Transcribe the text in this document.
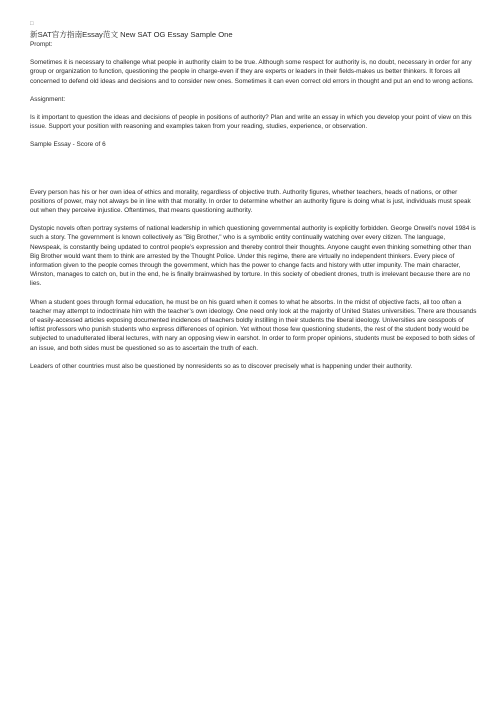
□

新SAT官方指南Essay范文 New SAT OG Essay Sample One

Prompt:

Sometimes it is necessary to challenge what people in authority claim to be true. Although some respect for authority is, no doubt, necessary in order for any group or organization to function, questioning the people in charge-even if they are experts or leaders in their fields-makes us better thinkers. It forces all concerned to defend old ideas and decisions and to consider new ones. Sometimes it can even correct old errors in thought and put an end to wrong actions.

Assignment:

Is it important to question the ideas and decisions of people in positions of authority? Plan and write an essay in which you develop your point of view on this issue. Support your position with reasoning and examples taken from your reading, studies, experience, or observation.

Sample Essay - Score of 6

Every person has his or her own idea of ethics and morality, regardless of objective truth. Authority figures, whether teachers, heads of nations, or other positions of power, may not always be in line with that morality. In order to determine whether an authority figure is doing what is just, individuals must speak out when they perceive injustice. Oftentimes, that means questioning authority.

Dystopic novels often portray systems of national leadership in which questioning governmental authority is explicitly forbidden. George Orwell’s novel 1984 is such a story. The government is known collectively as "Big Brother," who is a symbolic entity continually watching over every citizen. The language, Newspeak, is constantly being updated to control people’s expression and thereby control their thoughts. Anyone caught even thinking something other than Big Brother would want them to think are arrested by the Thought Police. Under this regime, there are virtually no independent thinkers. Every piece of information given to the people comes through the government, which has the power to change facts and history with utter impunity. The main character, Winston, manages to catch on, but in the end, he is finally brainwashed by torture. In this society of obedient drones, truth is irrelevant because there are no lies.

When a student goes through formal education, he must be on his guard when it comes to what he absorbs. In the midst of objective facts, all too often a teacher may attempt to indoctrinate him with the teacher’s own ideology. One need only look at the majority of United States universities. There are thousands of easily-accessed articles exposing documented incidences of teachers boldly instilling in their students the liberal ideology. Universities are cesspools of leftist professors who punish students who express differences of opinion. Yet without those few questioning students, the rest of the student body would be subjected to unadulterated liberal lectures, with nary an opposing view in earshot. In order to form proper opinions, students must be exposed to both sides of an issue, and both sides must be questioned so as to ascertain the truth of each.

Leaders of other countries must also be questioned by nonresidents so as to discover precisely what is happening under their authority.
